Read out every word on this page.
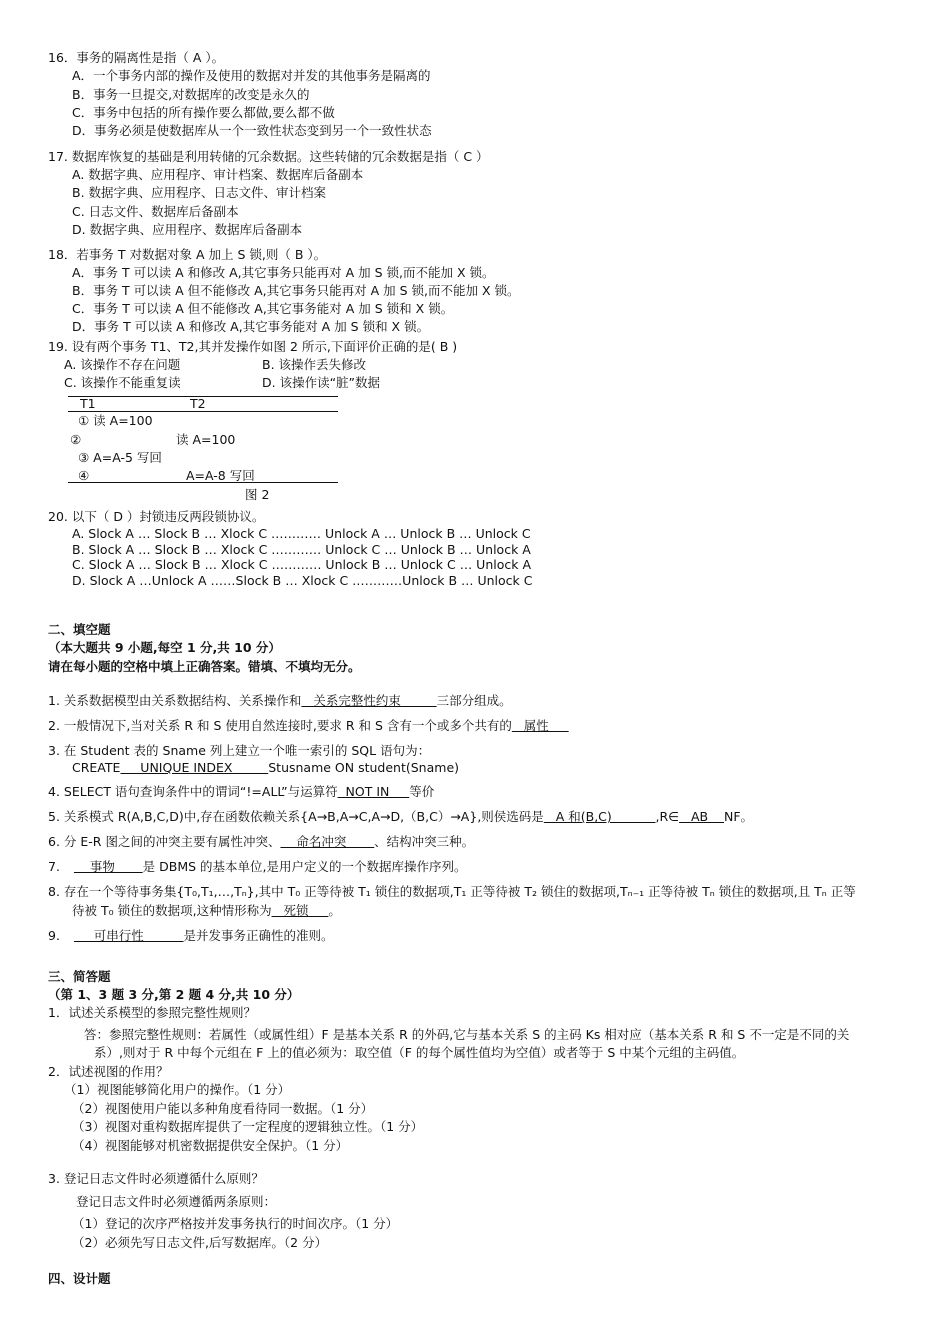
16．事务的隔离性是指（ A ）。
A．一个事务内部的操作及使用的数据对并发的其他事务是隔离的
B．事务一旦提交,对数据库的改变是永久的
C．事务中包括的所有操作要么都做,要么都不做
D．事务必须是使数据库从一个一致性状态变到另一个一致性状态
17. 数据库恢复的基础是利用转储的冗余数据。这些转储的冗余数据是指（ C ）
A. 数据字典、应用程序、审计档案、数据库后备副本
B. 数据字典、应用程序、日志文件、审计档案
C. 日志文件、数据库后备副本
D. 数据字典、应用程序、数据库后备副本
18．若事务 T 对数据对象 A 加上 S 锁,则（ B ）。
A．事务 T 可以读 A 和修改 A,其它事务只能再对 A 加 S 锁,而不能加 X 锁。
B．事务 T 可以读 A 但不能修改 A,其它事务只能再对 A 加 S 锁,而不能加 X 锁。
C．事务 T 可以读 A 但不能修改 A,其它事务能对 A 加 S 锁和 X 锁。
D．事务 T 可以读 A 和修改 A,其它事务能对 A 加 S 锁和 X 锁。
19. 设有两个事务 T1、T2,其并发操作如图 2 所示,下面评价正确的是( B )
A. 该操作不存在问题	B. 该操作丢失修改
C. 该操作不能重复读	D. 该操作读“脏”数据
T1	T2
① 读 A=100
②	读 A=100
③ A=A-5 写回
④	A=A-8 写回
图 2
20. 以下（ D ）封锁违反两段锁协议。
A. Slock A … Slock B … Xlock C ………… Unlock A … Unlock B … Unlock C
B. Slock A … Slock B … Xlock C ………… Unlock C … Unlock B … Unlock A
C. Slock A … Slock B … Xlock C ………… Unlock B … Unlock C … Unlock A
D. Slock A …Unlock A ……Slock B … Xlock C …………Unlock B … Unlock C
二、填空题
（本大题共 9 小题,每空 1 分,共 10 分）
请在每小题的空格中填上正确答案。错填、不填均无分。
1. 关系数据模型由关系数据结构、关系操作和   关系完整性约束         三部分组成。
2. 一般情况下,当对关系 R 和 S 使用自然连接时,要求 R 和 S 含有一个或多个共有的   属性
3. 在 Student 表的 Sname 列上建立一个唯一索引的 SQL 语句为：
CREATE     UNIQUE INDEX         Stusname ON student(Sname)
4. SELECT 语句查询条件中的谓词“!=ALL”与运算符  NOT IN     等价
5. 关系模式 R(A,B,C,D)中,存在函数依赖关系{A→B,A→C,A→D,（B,C）→A},则侯选码是   A 和(B,C)           ,R∈   AB    NF。
6. 分 E-R 图之间的冲突主要有属性冲突、    命名冲突       、结构冲突三种。
7.    事物       是 DBMS 的基本单位,是用户定义的一个数据库操作序列。
8. 存在一个等待事务集{T₀,T₁,…,Tₙ},其中 T₀ 正等待被 T₁ 锁住的数据项,T₁ 正等待被 T₂ 锁住的数据项,Tₙ₋₁ 正等待被 Tₙ 锁住的数据项,且 Tₙ 正等
待被 T₀ 锁住的数据项,这种情形称为   死锁     。
9.     可串行性          是并发事务正确性的准则。
三、简答题
（第 1、3 题 3 分,第 2 题 4 分,共 10 分）
1．试述关系模型的参照完整性规则？
答：参照完整性规则：若属性（或属性组）F 是基本关系 R 的外码,它与基本关系 S 的主码 Ks 相对应（基本关系 R 和 S 不一定是不同的关
系）,则对于 R 中每个元组在 F 上的值必须为：取空值（F 的每个属性值均为空值）或者等于 S 中某个元组的主码值。
2．试述视图的作用？
（1）视图能够简化用户的操作。（1 分）
（2）视图使用户能以多种角度看待同一数据。（1 分）
（3）视图对重构数据库提供了一定程度的逻辑独立性。（1 分）
（4）视图能够对机密数据提供安全保护。（1 分）
3. 登记日志文件时必须遵循什么原则？
登记日志文件时必须遵循两条原则：
（1）登记的次序严格按并发事务执行的时间次序。（1 分）
（2）必须先写日志文件,后写数据库。（2 分）
四、设计题
